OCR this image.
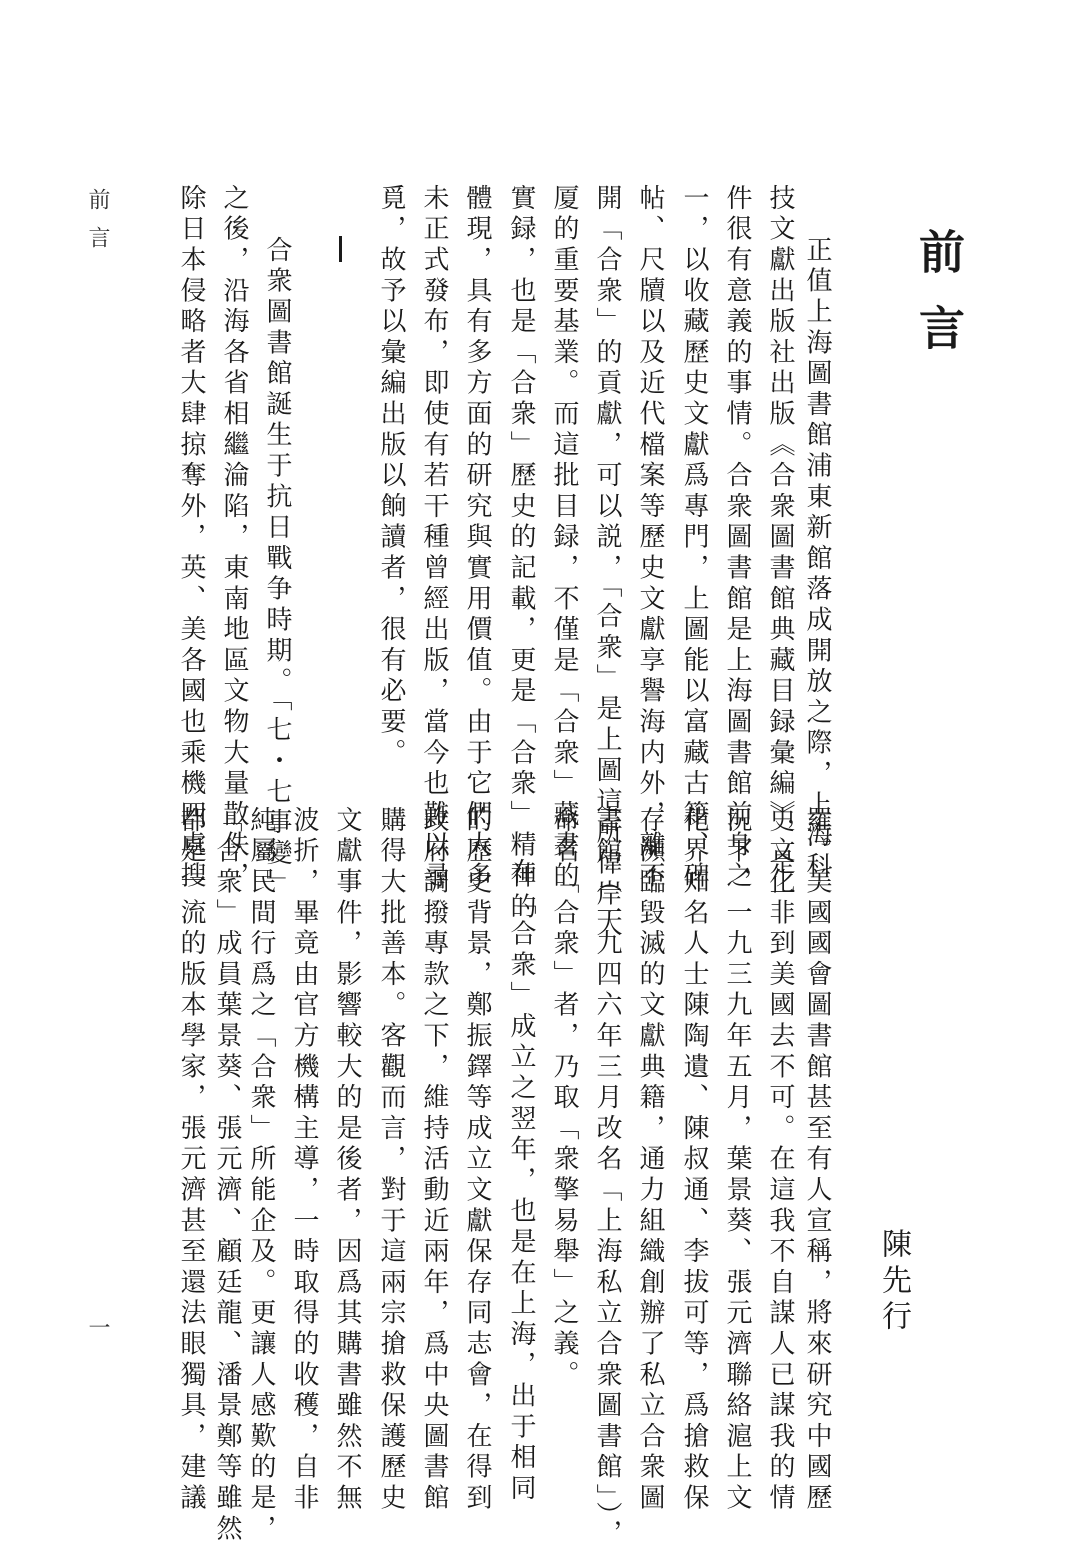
前言

正值上海圖書館浦東新館落成開放之際，上海科

技文獻出版社出版《合衆圖書館典藏目録彙編》，是一

件很有意義的事情。合衆圖書館是上海圖書館前身之

一，以收藏歷史文獻爲專門，上圖能以富藏古籍、碑

帖、尺牘以及近代檔案等歷史文獻享譽海内外，離不

開「合衆」的貢獻，可以説，「合衆」是上圖這所偉岸大

厦的重要基業。而這批目録，不僅是「合衆」藏書的

實録，也是「合衆」歷史的記載，更是「合衆」精神的

體現，具有多方面的研究與實用價值。由于它們大多

未正式發布，即使有若干種曾經出版，當今也難以尋

覓，故予以彙編出版以餉讀者，很有必要。

合衆圖書館誕生于抗日戰争時期。「七・七事變」

之後，沿海各省相繼淪陷，東南地區文物大量散佚，

除日本侵略者大肆掠奪外，英、美各國也乘機四處搜

前言

陳先行

羅。美國國會圖書館甚至有人宣稱，將來研究中國歷

史文化非到美國去不可。在這我不自謀人已謀我的情

況下，一九三九年五月，葉景葵、張元濟聯絡滬上文

化界知名人士陳陶遺、陳叔通、李拔可等，爲搶救保

存瀕臨毀滅的文獻典籍，通力組織創辦了私立合衆圖

書館（一九四六年三月改名「上海私立合衆圖書館」），

命名「合衆」者，乃取「衆擎易舉」之義。

在「合衆」成立之翌年，也是在上海，出于相同

的歷史背景，鄭振鐸等成立文獻保存同志會，在得到

政府調撥專款之下，維持活動近兩年，爲中央圖書館

購得大批善本。客觀而言，對于這兩宗搶救保護歷史

文獻事件，影響較大的是後者，因爲其購書雖然不無

波折，畢竟由官方機構主導，一時取得的收穫，自非

純屬民間行爲之「合衆」所能企及。更讓人感歎的是，

「合衆」成員葉景葵、張元濟、顧廷龍、潘景鄭等雖然

都是一流的版本學家，張元濟甚至還法眼獨具，建議

一
